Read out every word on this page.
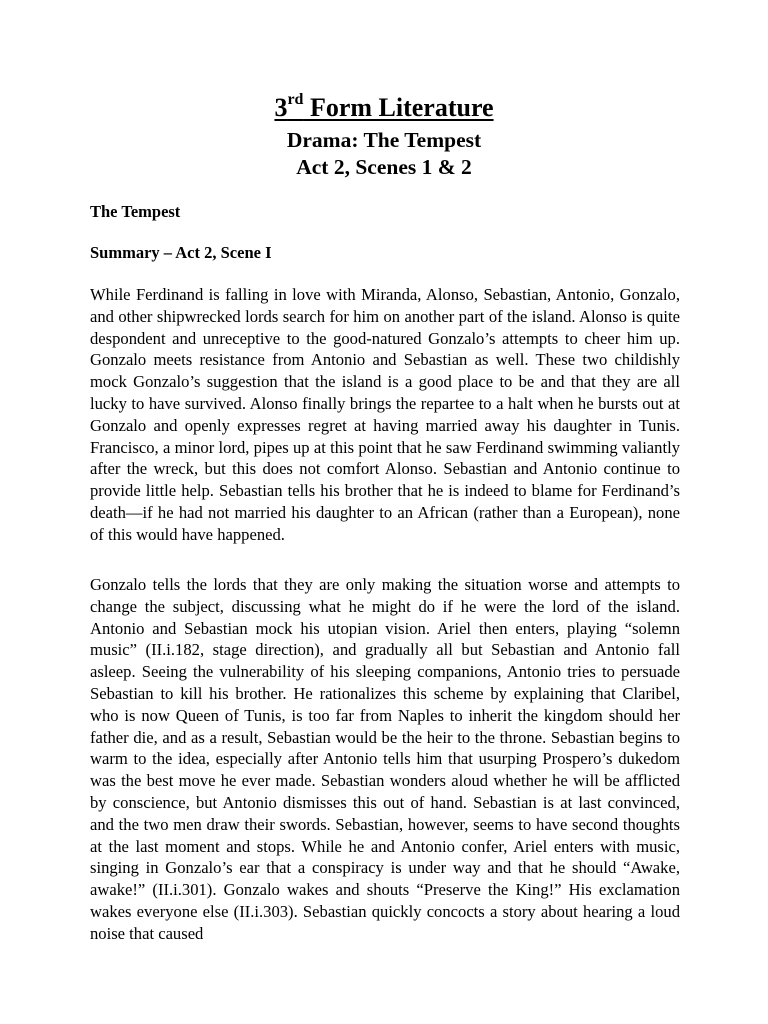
3rd Form Literature
Drama: The Tempest
Act 2, Scenes 1 & 2
The Tempest
Summary – Act 2, Scene I

While Ferdinand is falling in love with Miranda, Alonso, Sebastian, Antonio, Gonzalo, and other shipwrecked lords search for him on another part of the island. Alonso is quite despondent and unreceptive to the good-natured Gonzalo’s attempts to cheer him up. Gonzalo meets resistance from Antonio and Sebastian as well. These two childishly mock Gonzalo’s suggestion that the island is a good place to be and that they are all lucky to have survived. Alonso finally brings the repartee to a halt when he bursts out at Gonzalo and openly expresses regret at having married away his daughter in Tunis. Francisco, a minor lord, pipes up at this point that he saw Ferdinand swimming valiantly after the wreck, but this does not comfort Alonso. Sebastian and Antonio continue to provide little help. Sebastian tells his brother that he is indeed to blame for Ferdinand’s death—if he had not married his daughter to an African (rather than a European), none of this would have happened.

Gonzalo tells the lords that they are only making the situation worse and attempts to change the subject, discussing what he might do if he were the lord of the island. Antonio and Sebastian mock his utopian vision. Ariel then enters, playing “solemn music” (II.i.182, stage direction), and gradually all but Sebastian and Antonio fall asleep. Seeing the vulnerability of his sleeping companions, Antonio tries to persuade Sebastian to kill his brother. He rationalizes this scheme by explaining that Claribel, who is now Queen of Tunis, is too far from Naples to inherit the kingdom should her father die, and as a result, Sebastian would be the heir to the throne. Sebastian begins to warm to the idea, especially after Antonio tells him that usurping Prospero’s dukedom was the best move he ever made. Sebastian wonders aloud whether he will be afflicted by conscience, but Antonio dismisses this out of hand. Sebastian is at last convinced, and the two men draw their swords. Sebastian, however, seems to have second thoughts at the last moment and stops. While he and Antonio confer, Ariel enters with music, singing in Gonzalo’s ear that a conspiracy is under way and that he should “Awake, awake!” (II.i.301). Gonzalo wakes and shouts “Preserve the King!” His exclamation wakes everyone else (II.i.303). Sebastian quickly concocts a story about hearing a loud noise that caused
